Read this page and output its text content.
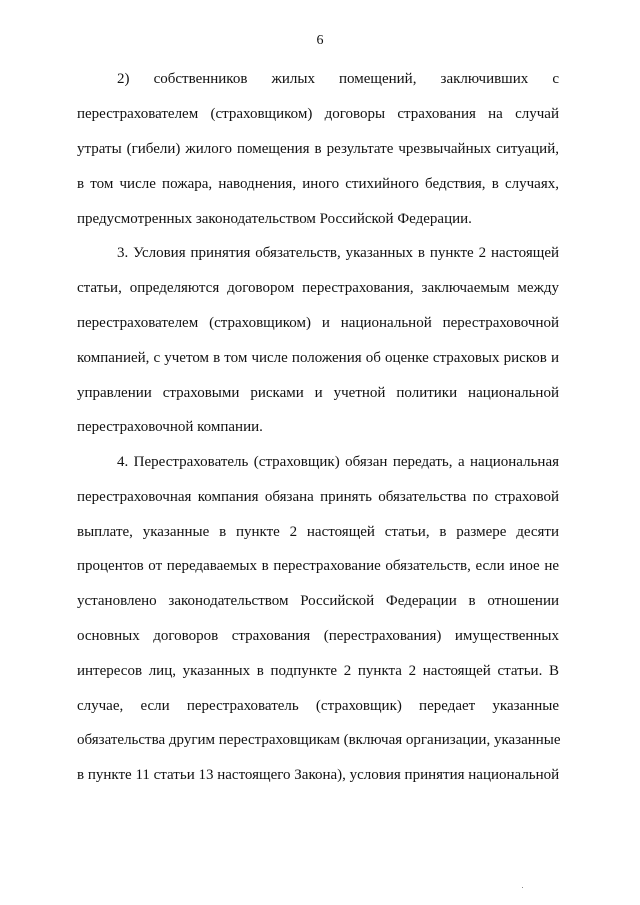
6
2) собственников жилых помещений, заключивших с
перестрахователем (страховщиком) договоры страхования на случай
утраты (гибели) жилого помещения в результате чрезвычайных ситуаций,
в том числе пожара, наводнения, иного стихийного бедствия, в случаях,
предусмотренных законодательством Российской Федерации.
3. Условия принятия обязательств, указанных в пункте 2 настоящей
статьи, определяются договором перестрахования, заключаемым между
перестрахователем (страховщиком) и национальной перестраховочной
компанией, с учетом в том числе положения об оценке страховых рисков и
управлении страховыми рисками и учетной политики национальной
перестраховочной компании.
4. Перестрахователь (страховщик) обязан передать, а национальная
перестраховочная компания обязана принять обязательства по страховой
выплате, указанные в пункте 2 настоящей статьи, в размере десяти
процентов от передаваемых в перестрахование обязательств, если иное не
установлено законодательством Российской Федерации в отношении
основных договоров страхования (перестрахования) имущественных
интересов лиц, указанных в подпункте 2 пункта 2 настоящей статьи. В
случае, если перестрахователь (страховщик) передает указанные
обязательства другим перестраховщикам (включая организации, указанные
в пункте 11 статьи 13 настоящего Закона), условия принятия национальной
